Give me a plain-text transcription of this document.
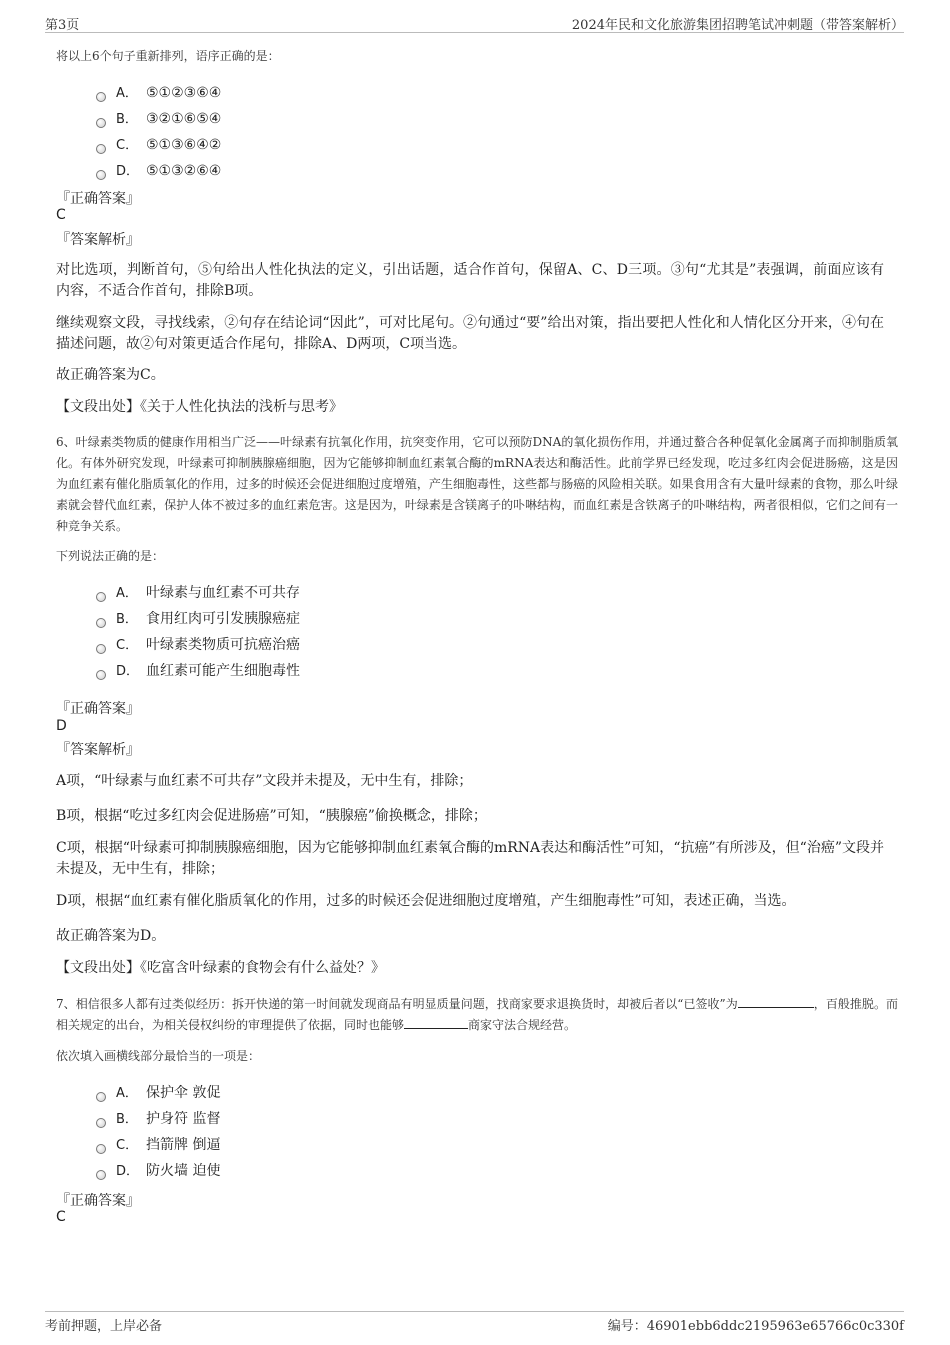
第3页	2024年民和文化旅游集团招聘笔试冲刺题（带答案解析）
将以上6个句子重新排列，语序正确的是：
A． ⑤①②③⑥④
B． ③②①⑥⑤④
C． ⑤①③⑥④②
D． ⑤①③②⑥④
『正确答案』
C
『答案解析』
对比选项，判断首句，⑤句给出人性化执法的定义，引出话题，适合作首句，保留A、C、D三项。③句“尤其是”表强调，前面应该有内容，不适合作首句，排除B项。
继续观察文段，寻找线索，②句存在结论词“因此”，可对比尾句。②句通过“要”给出对策，指出要把人性化和人情化区分开来，④句在描述问题，故②句对策更适合作尾句，排除A、D两项，C项当选。
故正确答案为C。
【文段出处】《关于人性化执法的浅析与思考》
6、叶绿素类物质的健康作用相当广泛——叶绿素有抗氧化作用，抗突变作用，它可以预防DNA的氧化损伤作用，并通过螯合各种促氧化金属离子而抑制脂质氧化。有体外研究发现，叶绿素可抑制胰腺癌细胞，因为它能够抑制血红素氧合酶的mRNA表达和酶活性。此前学界已经发现，吃过多红肉会促进肠癌，这是因为血红素有催化脂质氧化的作用，过多的时候还会促进细胞过度增殖，产生细胞毒性，这些都与肠癌的风险相关联。如果食用含有大量叶绿素的食物，那么叶绿素就会替代血红素，保护人体不被过多的血红素危害。这是因为，叶绿素是含镁离子的卟啉结构，而血红素是含铁离子的卟啉结构，两者很相似，它们之间有一种竞争关系。
下列说法正确的是：
A． 叶绿素与血红素不可共存
B． 食用红肉可引发胰腺癌症
C． 叶绿素类物质可抗癌治癌
D． 血红素可能产生细胞毒性
『正确答案』
D
『答案解析』
A项，“叶绿素与血红素不可共存”文段并未提及，无中生有，排除；
B项，根据“吃过多红肉会促进肠癌”可知，“胰腺癌”偷换概念，排除；
C项，根据“叶绿素可抑制胰腺癌细胞，因为它能够抑制血红素氧合酶的mRNA表达和酶活性”可知，“抗癌”有所涉及，但“治癌”文段并未提及，无中生有，排除；
D项，根据“血红素有催化脂质氧化的作用，过多的时候还会促进细胞过度增殖，产生细胞毒性”可知，表述正确，当选。
故正确答案为D。
【文段出处】《吃富含叶绿素的食物会有什么益处？》
7、相信很多人都有过类似经历：拆开快递的第一时间就发现商品有明显质量问题，找商家要求退换货时，却被后者以“已签收”为	，百般推脱。而相关规定的出台，为相关侵权纠纷的审理提供了依据，同时也能够	商家守法合规经营。
依次填入画横线部分最恰当的一项是：
A． 保护伞 敦促
B． 护身符 监督
C． 挡箭牌 倒逼
D． 防火墙 迫使
『正确答案』
C
考前押题，上岸必备	编号：46901ebb6ddc2195963e65766c0c330f
